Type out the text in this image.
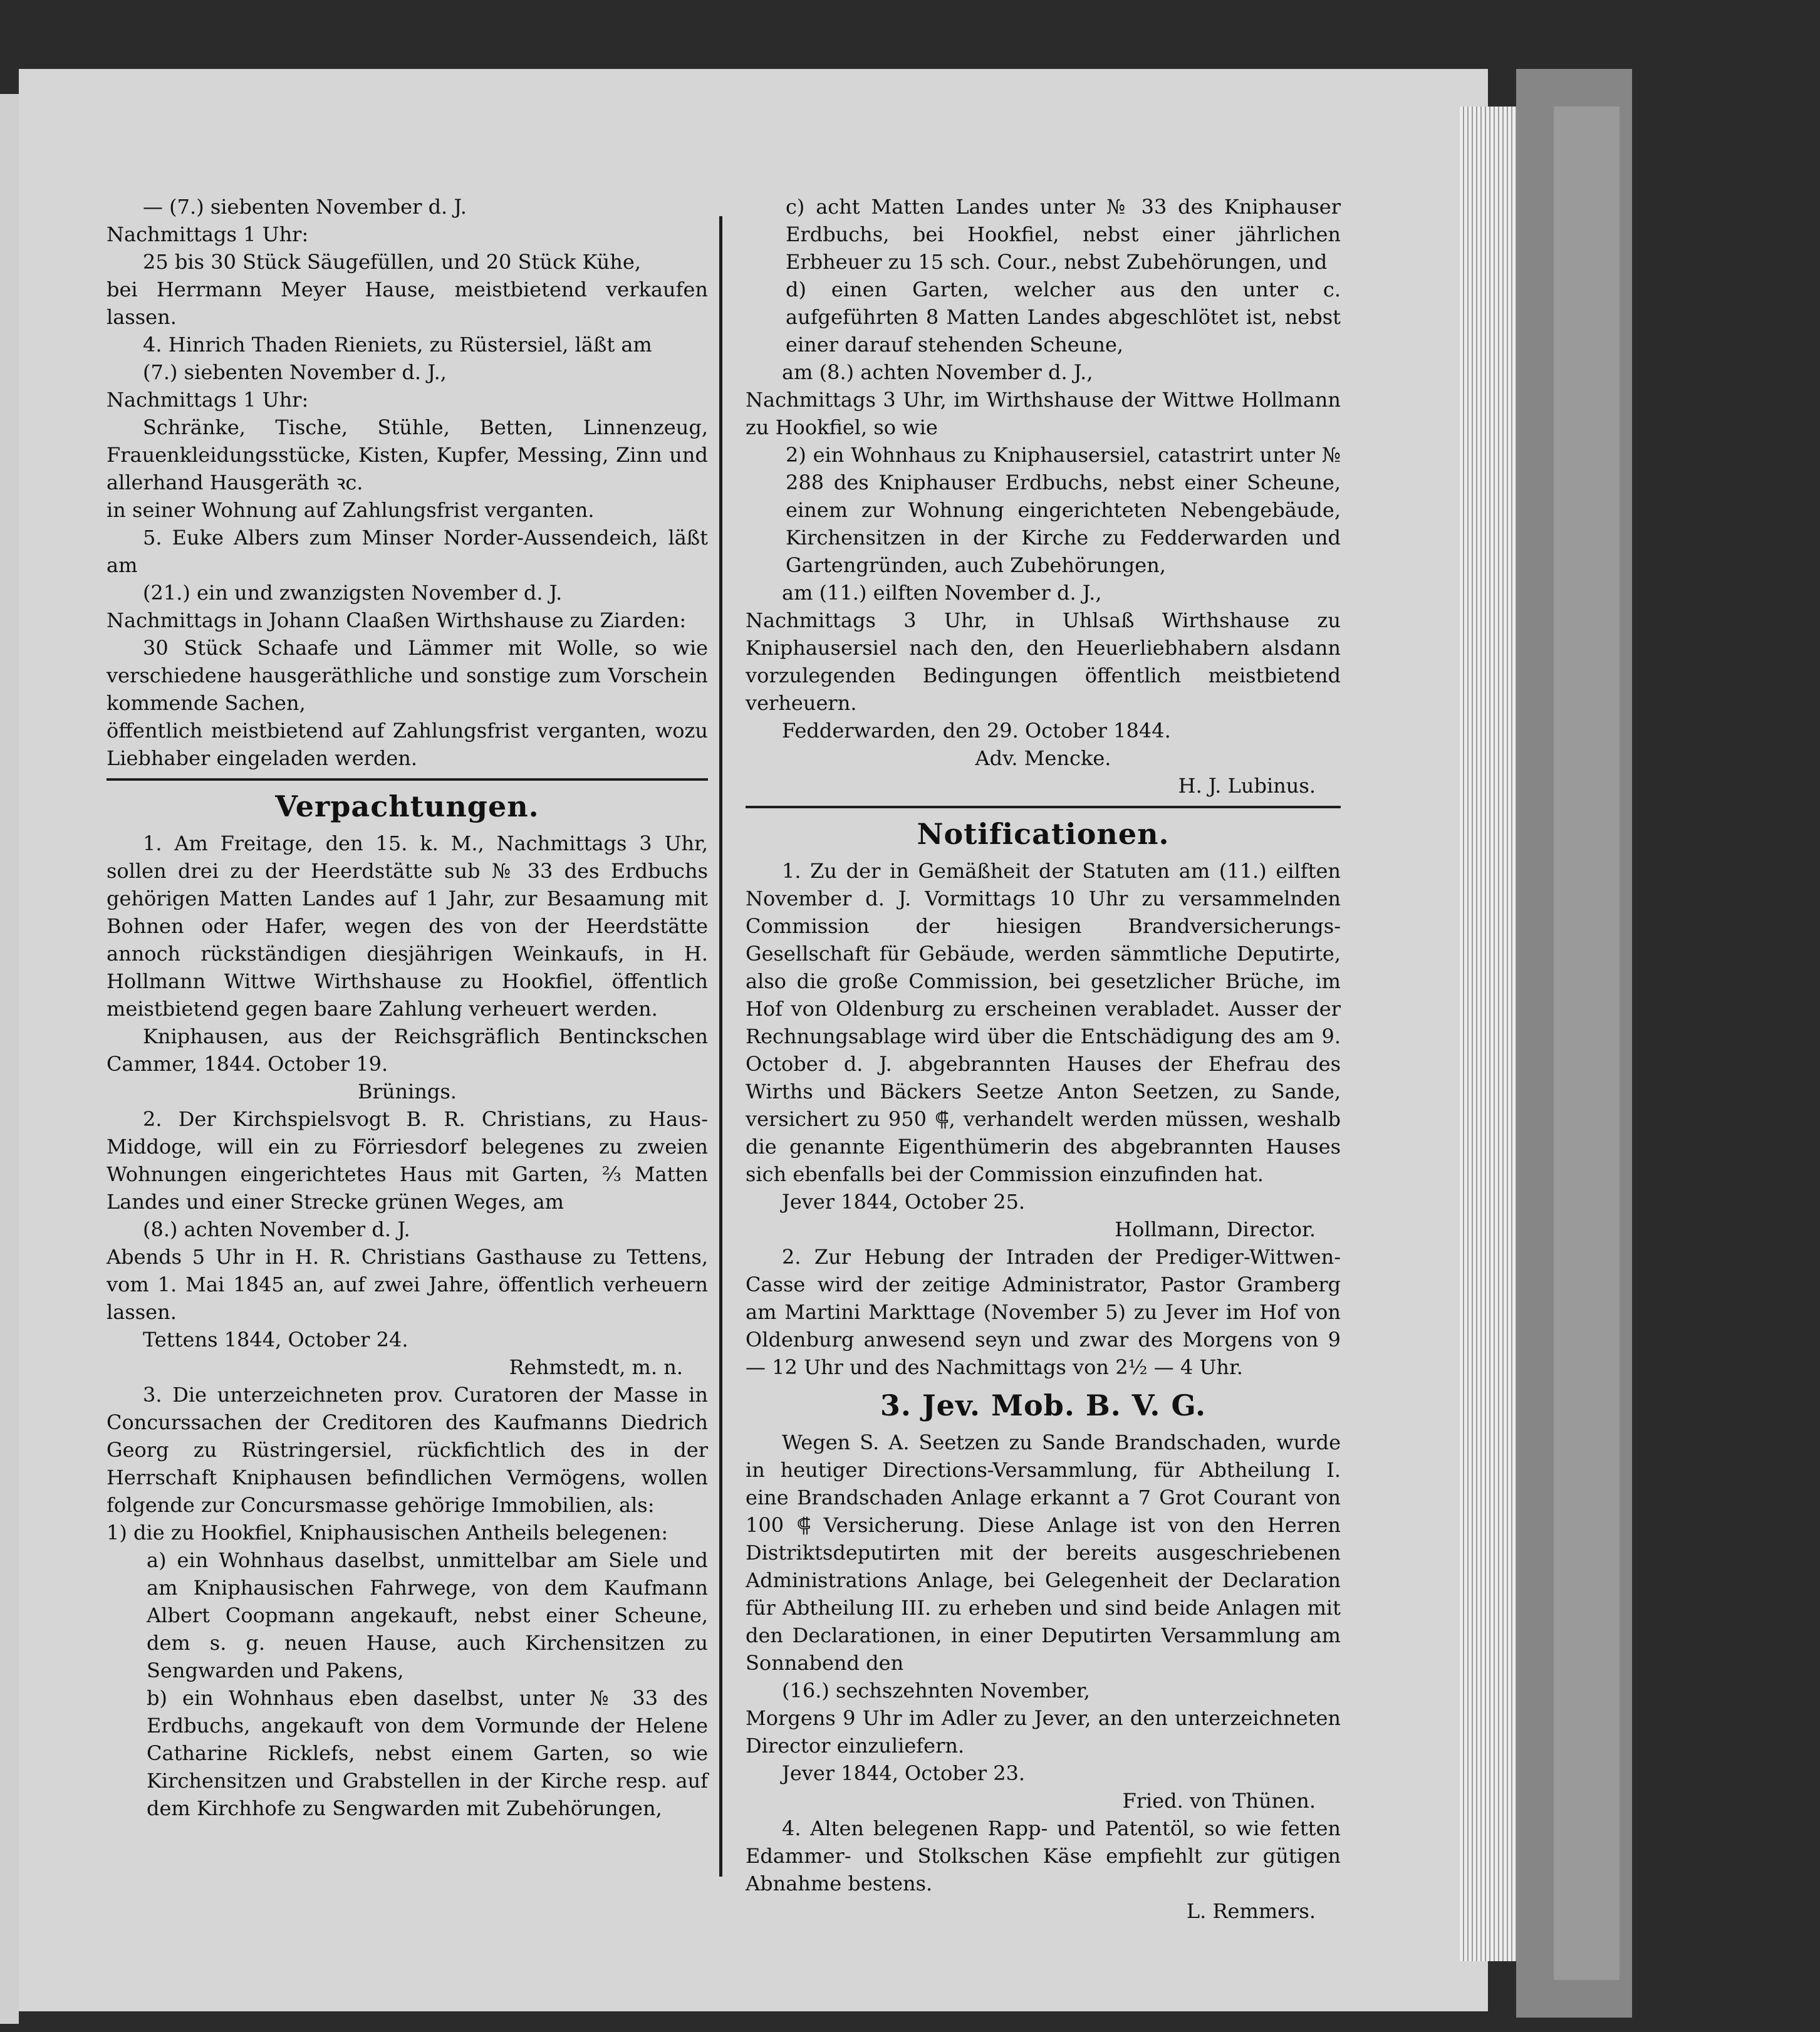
— (7.) siebenten November d. J.

Nachmittags 1 Uhr:

25 bis 30 Stück Säugefüllen, und 20 Stück Kühe,

bei Herrmann Meyer Hause, meistbietend verkaufen lassen.

4. Hinrich Thaden Rieniets, zu Rüstersiel, läßt am

(7.) siebenten November d. J.,

Nachmittags 1 Uhr:

Schränke, Tische, Stühle, Betten, Linnenzeug, Frauenkleidungsstücke, Kisten, Kupfer, Messing, Zinn und allerhand Hausgeräth ꝛc.

in seiner Wohnung auf Zahlungsfrist verganten.

5. Euke Albers zum Minser Norder-Aussendeich, läßt am

(21.) ein und zwanzigsten November d. J.

Nachmittags in Johann Claaßen Wirthshause zu Ziarden:

30 Stück Schaafe und Lämmer mit Wolle, so wie verschiedene hausgeräthliche und sonstige zum Vorschein kommende Sachen,

öffentlich meistbietend auf Zahlungsfrist verganten, wozu Liebhaber eingeladen werden.

Verpachtungen.

1. Am Freitage, den 15. k. M., Nachmittags 3 Uhr, sollen drei zu der Heerdstätte sub № 33 des Erdbuchs gehörigen Matten Landes auf 1 Jahr, zur Besaamung mit Bohnen oder Hafer, wegen des von der Heerdstätte annoch rückständigen diesjährigen Weinkaufs, in H. Hollmann Wittwe Wirthshause zu Hookfiel, öffentlich meistbietend gegen baare Zahlung verheuert werden.

Kniphausen, aus der Reichsgräflich Bentinckschen Cammer, 1844. October 19.

Brünings.

2. Der Kirchspielsvogt B. R. Christians, zu Haus-Middoge, will ein zu Förriesdorf belegenes zu zweien Wohnungen eingerichtetes Haus mit Garten, ⅔ Matten Landes und einer Strecke grünen Weges, am

(8.) achten November d. J.

Abends 5 Uhr in H. R. Christians Gasthause zu Tettens, vom 1. Mai 1845 an, auf zwei Jahre, öffentlich verheuern lassen.

Tettens 1844, October 24.

Rehmstedt, m. n.

3. Die unterzeichneten prov. Curatoren der Masse in Concurssachen der Creditoren des Kaufmanns Diedrich Georg zu Rüstringersiel, rückfichtlich des in der Herrschaft Kniphausen befindlichen Vermögens, wollen folgende zur Concursmasse gehörige Immobilien, als:

1) die zu Hookfiel, Kniphausischen Antheils belegenen:

a) ein Wohnhaus daselbst, unmittelbar am Siele und am Kniphausischen Fahrwege, von dem Kaufmann Albert Coopmann angekauft, nebst einer Scheune, dem s. g. neuen Hause, auch Kirchensitzen zu Sengwarden und Pakens,

b) ein Wohnhaus eben daselbst, unter № 33 des Erdbuchs, angekauft von dem Vormunde der Helene Catharine Ricklefs, nebst einem Garten, so wie Kirchensitzen und Grabstellen in der Kirche resp. auf dem Kirchhofe zu Sengwarden mit Zubehörungen,

c) acht Matten Landes unter № 33 des Kniphauser Erdbuchs, bei Hookfiel, nebst einer jährlichen Erbheuer zu 15 sch. Cour., nebst Zubehörungen, und

d) einen Garten, welcher aus den unter c. aufgeführten 8 Matten Landes abgeschlötet ist, nebst einer darauf stehenden Scheune,

am (8.) achten November d. J.,

Nachmittags 3 Uhr, im Wirthshause der Wittwe Hollmann zu Hookfiel, so wie

2) ein Wohnhaus zu Kniphausersiel, catastrirt unter № 288 des Kniphauser Erdbuchs, nebst einer Scheune, einem zur Wohnung eingerichteten Nebengebäude, Kirchensitzen in der Kirche zu Fedderwarden und Gartengründen, auch Zubehörungen,

am (11.) eilften November d. J.,

Nachmittags 3 Uhr, in Uhlsaß Wirthshause zu Kniphausersiel nach den, den Heuerliebhabern alsdann vorzulegenden Bedingungen öffentlich meistbietend verheuern.

Fedderwarden, den 29. October 1844.

Adv. Mencke.

H. J. Lubinus.

Notificationen.

1. Zu der in Gemäßheit der Statuten am (11.) eilften November d. J. Vormittags 10 Uhr zu versammelnden Commission der hiesigen Brandversicherungs-Gesellschaft für Gebäude, werden sämmtliche Deputirte, also die große Commission, bei gesetzlicher Brüche, im Hof von Oldenburg zu erscheinen verabladet. Ausser der Rechnungsablage wird über die Entschädigung des am 9. October d. J. abgebrannten Hauses der Ehefrau des Wirths und Bäckers Seetze Anton Seetzen, zu Sande, versichert zu 950 ⸿, verhandelt werden müssen, weshalb die genannte Eigenthümerin des abgebrannten Hauses sich ebenfalls bei der Commission einzufinden hat.

Jever 1844, October 25.

Hollmann, Director.

2. Zur Hebung der Intraden der Prediger-Wittwen-Casse wird der zeitige Administrator, Pastor Gramberg am Martini Markttage (November 5) zu Jever im Hof von Oldenburg anwesend seyn und zwar des Morgens von 9 — 12 Uhr und des Nachmittags von 2½ — 4 Uhr.

3. Jev. Mob. B. V. G.

Wegen S. A. Seetzen zu Sande Brandschaden, wurde in heutiger Directions-Versammlung, für Abtheilung I. eine Brandschaden Anlage erkannt a 7 Grot Courant von 100 ⸿ Versicherung. Diese Anlage ist von den Herren Distriktsdeputirten mit der bereits ausgeschriebenen Administrations Anlage, bei Gelegenheit der Declaration für Abtheilung III. zu erheben und sind beide Anlagen mit den Declarationen, in einer Deputirten Versammlung am Sonnabend den

(16.) sechszehnten November,

Morgens 9 Uhr im Adler zu Jever, an den unterzeichneten Director einzuliefern.

Jever 1844, October 23.

Fried. von Thünen.

4. Alten belegenen Rapp- und Patentöl, so wie fetten Edammer- und Stolkschen Käse empfiehlt zur gütigen Abnahme bestens.

L. Remmers.
